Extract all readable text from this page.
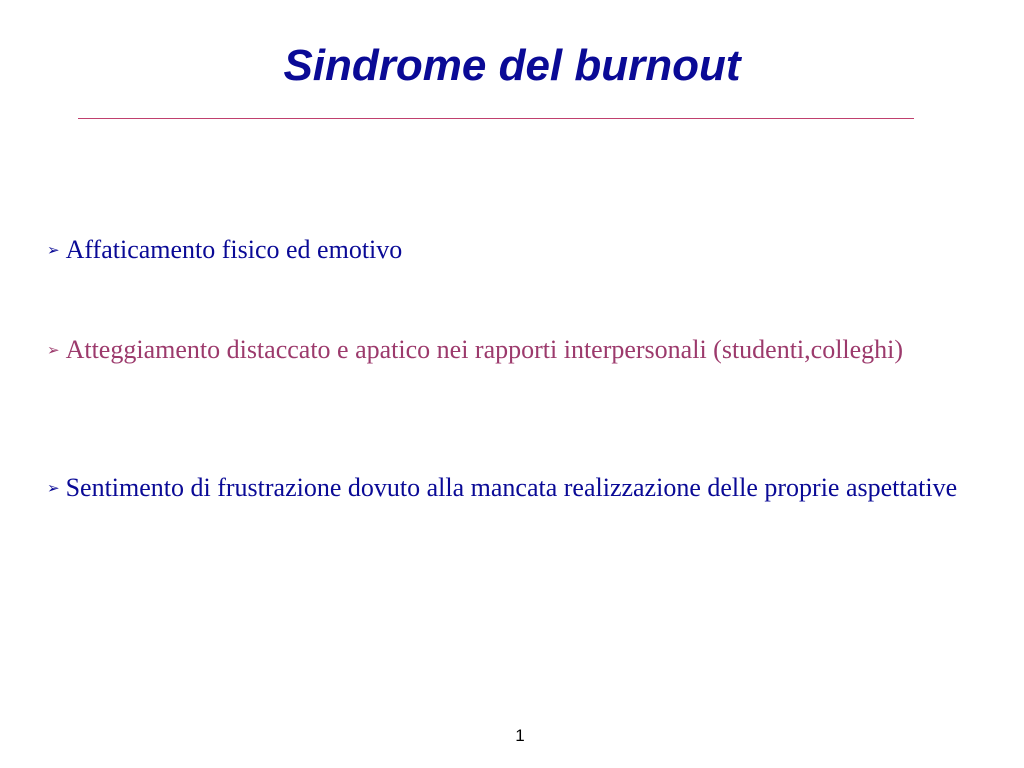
Sindrome del burnout

➢ Affaticamento fisico ed emotivo

➢ Atteggiamento distaccato e apatico nei rapporti interpersonali (studenti,colleghi)

➢ Sentimento di frustrazione dovuto alla mancata realizzazione delle proprie aspettative

1
